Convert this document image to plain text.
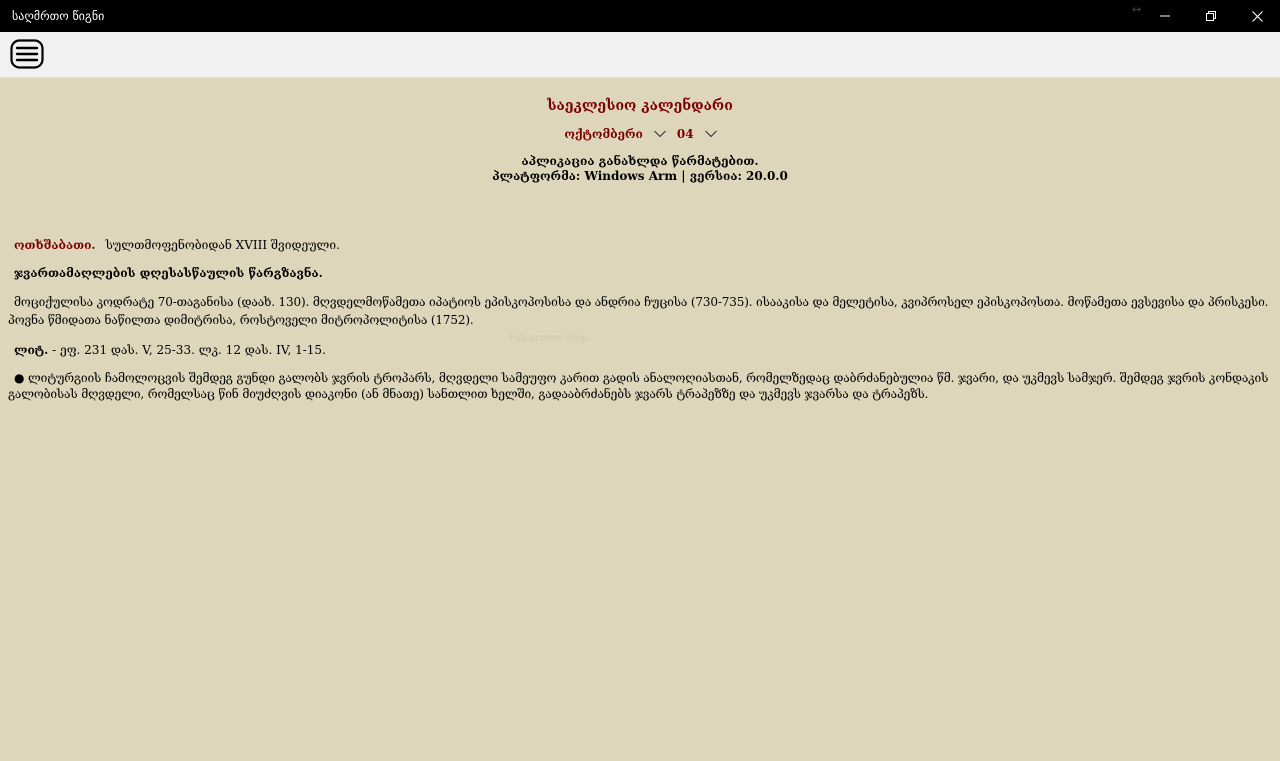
საღმრთო წიგნი	↔
საეკლესიო კალენდარი
ოქტომბერი	04
აპლიკაცია განახლდა წარმატებით.
პლატფორმა: Windows Arm | ვერსია: 20.0.0
ოთხშაბათი. სულთმოფენობიდან XVIII შვიდეული.
ჯვართამაღლების დღესასწაულის წარგზავნა.
მოციქულისა კოდრატე 70-თაგანისა (დაახ. 130). მღვდელმოწამეთა იპატიოს ეპისკოპოსისა და ანდრია ჩუცისა (730-735). ისააკისა და მელეტისა, კვიპროსელ ეპისკოპოსთა. მოწამეთა ევსევისა და პრისკესი. პოვნა წმიდათა ნაწილთა დიმიტრისა, როსტოველი მიტროპოლიტისა (1752).
ლიტ. - ეფ. 231 დას. V, 25-33. ლკ. 12 დას. IV, 1-15.
● ლიტურგიის ჩამოლოცვის შემდეგ გუნდი გალობს ჯვრის ტროპარს, მღვდელი სამეუფო კარით გადის ანალოღიასთან, რომელზედაც დაბრძანებულია წმ. ჯვარი, და უკმევს სამჯერ. შემდეგ ჯვრის კონდაკის გალობისას მღვდელი, რომელსაც წინ მიუძღვის დიაკონი (ან მნათე) სანთლით ხელში, გადააბრძანებს ჯვარს ტრაპეზზე და უკმევს ჯვარსა და ტრაპეზს.
Full-screen Snip
